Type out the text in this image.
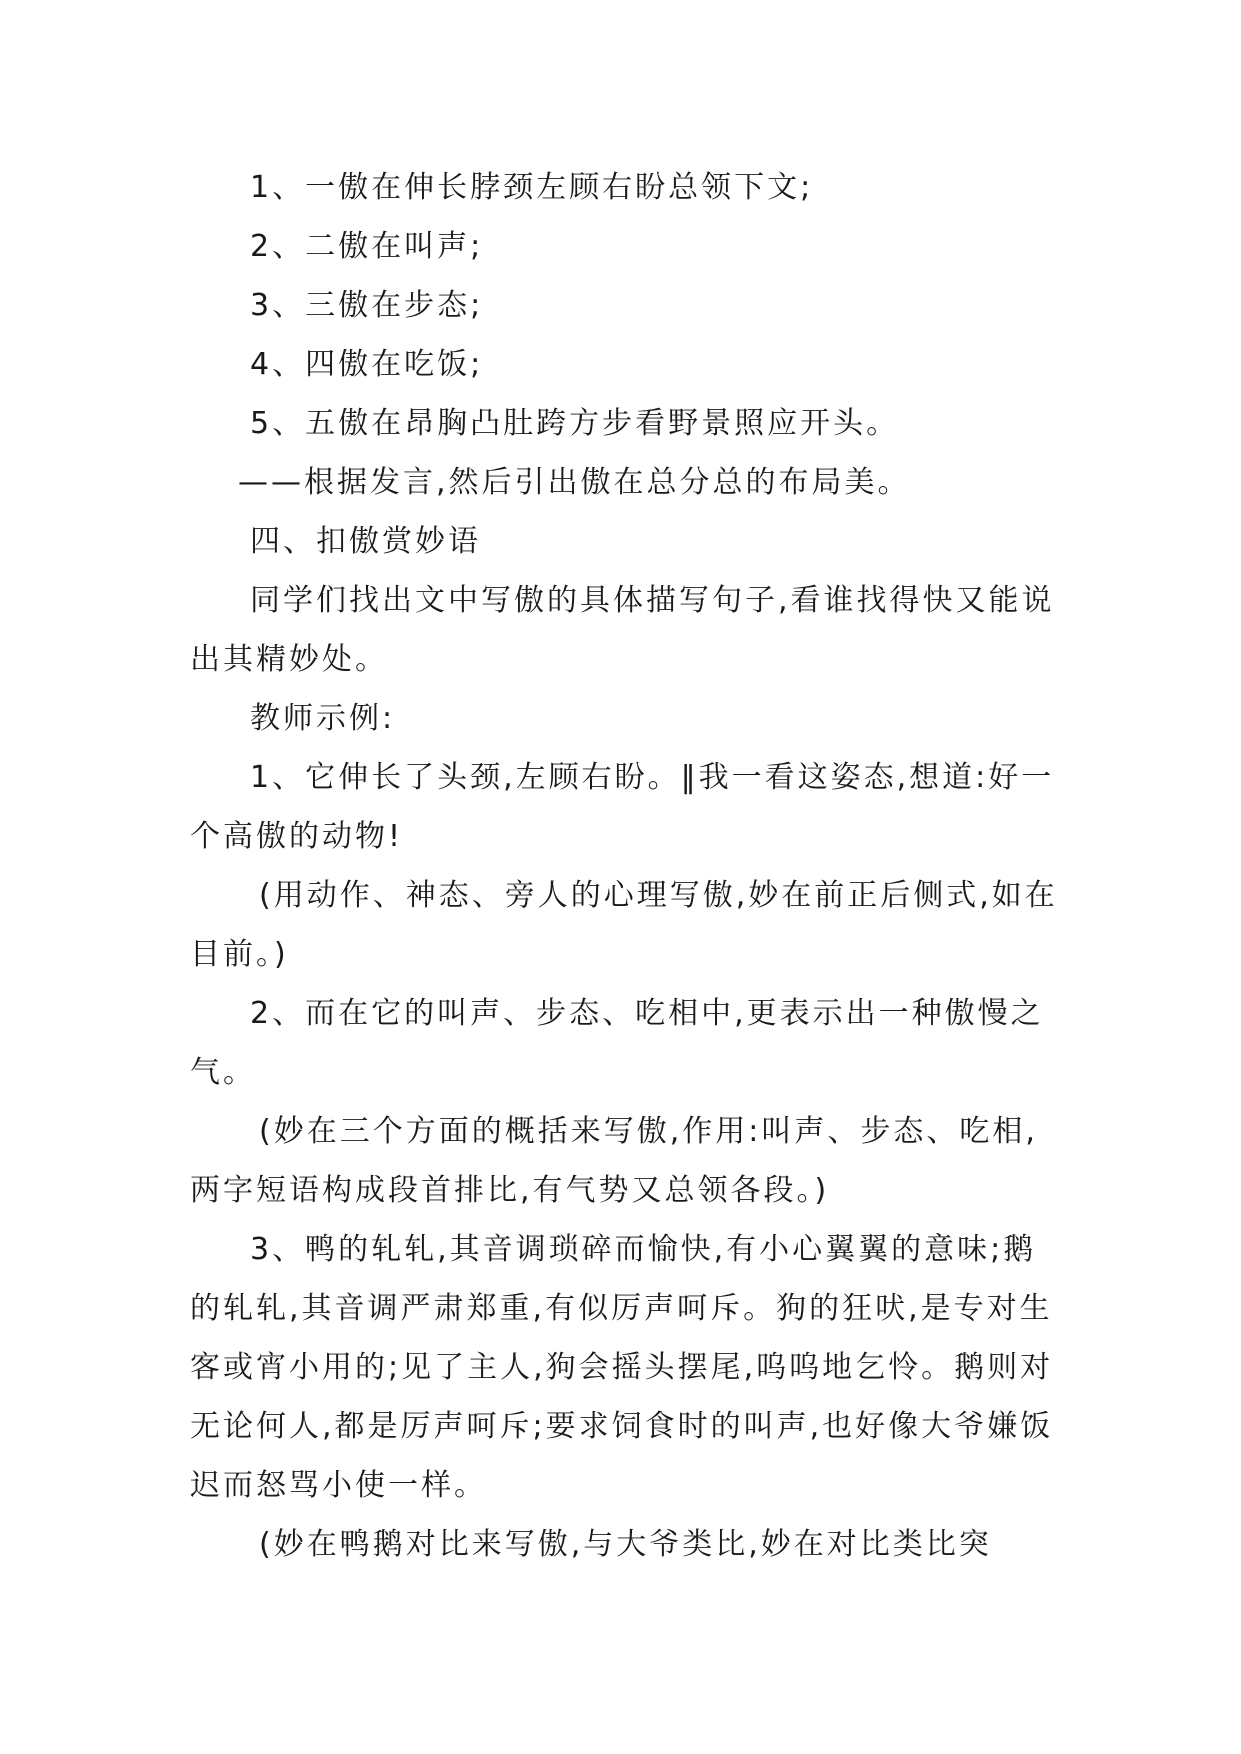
1、一傲在伸长脖颈左顾右盼总领下文;

2、二傲在叫声;

3、三傲在步态;

4、四傲在吃饭;

5、五傲在昂胸凸肚跨方步看野景照应开头。

——根据发言,然后引出傲在总分总的布局美。

四、扣傲赏妙语

同学们找出文中写傲的具体描写句子,看谁找得快又能说出其精妙处。

教师示例:

1、它伸长了头颈,左顾右盼。‖我一看这姿态,想道:好一个高傲的动物!

(用动作、神态、旁人的心理写傲,妙在前正后侧式,如在目前。)

2、而在它的叫声、步态、吃相中,更表示出一种傲慢之气。

(妙在三个方面的概括来写傲,作用:叫声、步态、吃相,两字短语构成段首排比,有气势又总领各段。)

3、鸭的轧轧,其音调琐碎而愉快,有小心翼翼的意味;鹅的轧轧,其音调严肃郑重,有似厉声呵斥。狗的狂吠,是专对生客或宵小用的;见了主人,狗会摇头摆尾,呜呜地乞怜。鹅则对无论何人,都是厉声呵斥;要求饲食时的叫声,也好像大爷嫌饭迟而怒骂小使一样。

(妙在鸭鹅对比来写傲,与大爷类比,妙在对比类比突
